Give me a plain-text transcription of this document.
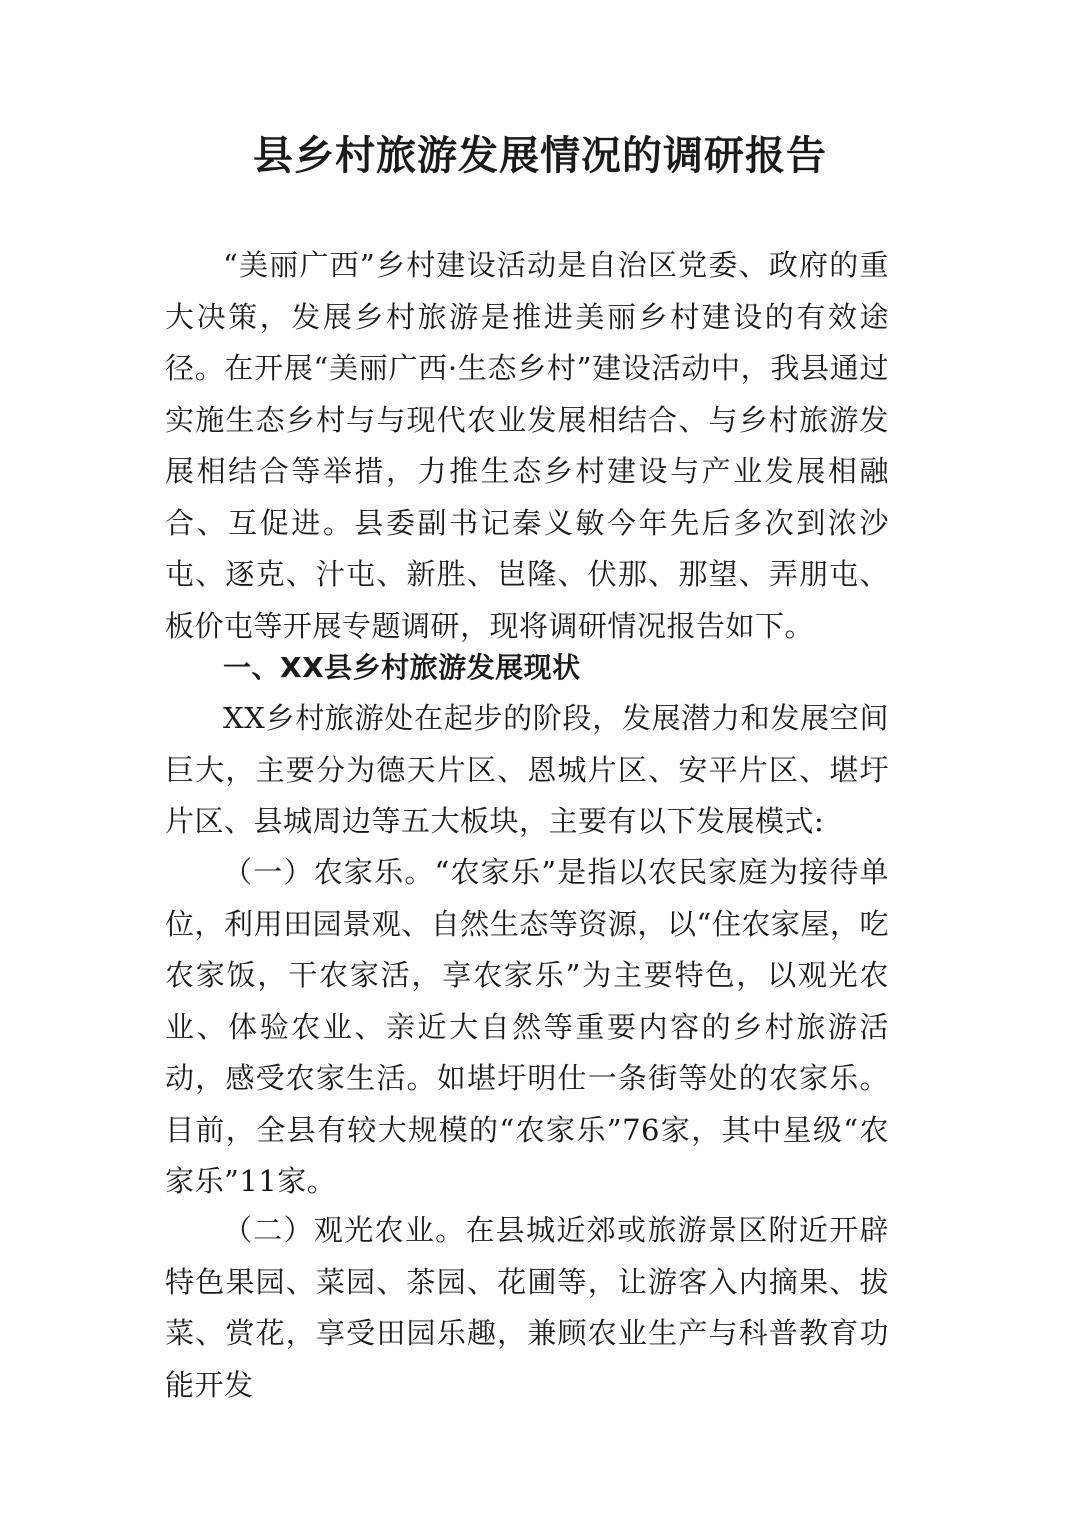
县乡村旅游发展情况的调研报告

“美丽广西”乡村建设活动是自治区党委、政府的重大决策，发展乡村旅游是推进美丽乡村建设的有效途径。在开展“美丽广西·生态乡村”建设活动中，我县通过实施生态乡村与与现代农业发展相结合、与乡村旅游发展相结合等举措，力推生态乡村建设与产业发展相融合、互促进。县委副书记秦义敏今年先后多次到浓沙屯、逐克、汁屯、新胜、岜隆、伏那、那望、弄朋屯、板价屯等开展专题调研，现将调研情况报告如下。

一、XX县乡村旅游发展现状

XX乡村旅游处在起步的阶段，发展潜力和发展空间巨大，主要分为德天片区、恩城片区、安平片区、堪圩片区、县城周边等五大板块，主要有以下发展模式:

（一）农家乐。“农家乐”是指以农民家庭为接待单位，利用田园景观、自然生态等资源，以“住农家屋，吃农家饭，干农家活，享农家乐”为主要特色，以观光农业、体验农业、亲近大自然等重要内容的乡村旅游活动，感受农家生活。如堪圩明仕一条街等处的农家乐。目前，全县有较大规模的“农家乐”76家，其中星级“农家乐”11家。

（二）观光农业。在县城近郊或旅游景区附近开辟特色果园、菜园、茶园、花圃等，让游客入内摘果、拔菜、赏花，享受田园乐趣，兼顾农业生产与科普教育功能开发
